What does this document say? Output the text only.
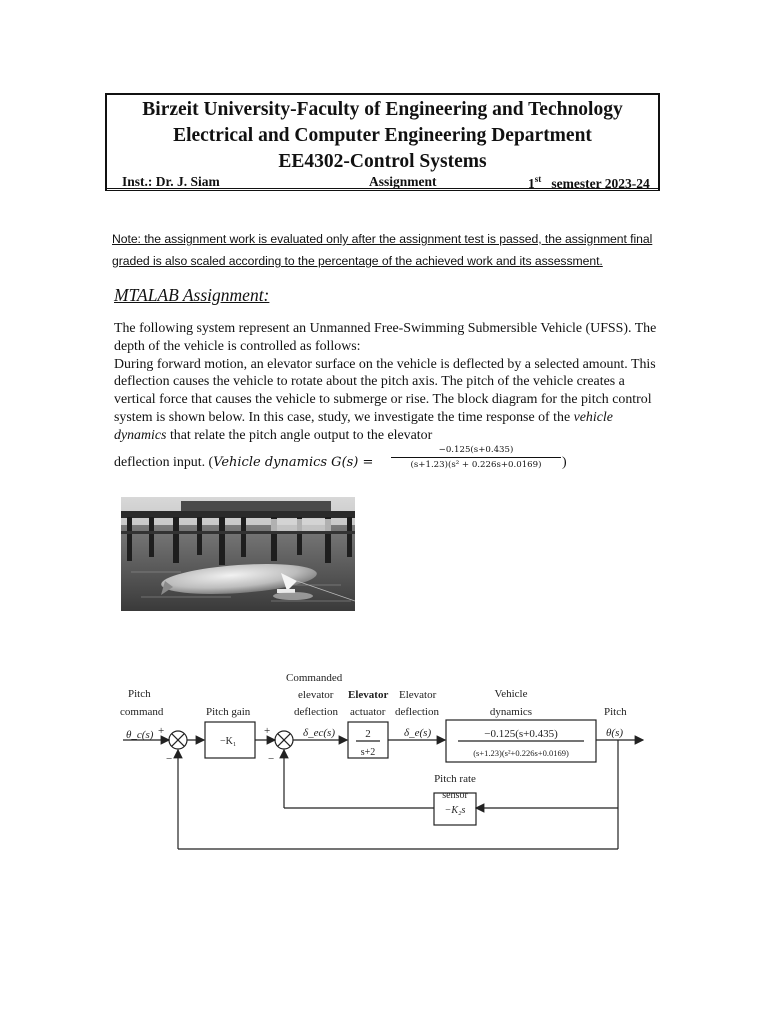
Birzeit University-Faculty of Engineering and Technology
Electrical and Computer Engineering Department
EE4302-Control Systems
Inst.: Dr. J. Siam	Assignment	1st semester 2023-24
Note: the assignment work is evaluated only after the assignment test is passed, the assignment final graded is also scaled according to the percentage of the achieved work and its assessment.
MTALAB Assignment:

The following system represent an Unmanned Free-Swimming Submersible Vehicle (UFSS). The depth of the vehicle is controlled as follows:

During forward motion, an elevator surface on the vehicle is deflected by a selected amount. This deflection causes the vehicle to rotate about the pitch axis. The pitch of the vehicle creates a vertical force that causes the vehicle to submerge or rise. The block diagram for the pitch control system is shown below. In this case, study, we investigate the time response of the vehicle dynamics that relate the pitch angle output to the elevator

deflection input. (Vehicle dynamics $G(s) = \frac{-0.125(s+0.435)}{\text{(s+1.23)(s² + 0.226s+0.0169)}}$ )
Pitch
command
θ_c(s) +
−
Pitch gain
−K₁
+
−
Commanded
elevator
deflection
δ_ec(s)
Elevator
actuator
Elevator
deflection
2
s+2
δ_e(s)
Vehicle
dynamics
−0.125(s+0.435)
(s+1.23)(s²+0.226s+0.0169)
Pitch
θ(s)
Pitch rate
sensor
−K₂s
